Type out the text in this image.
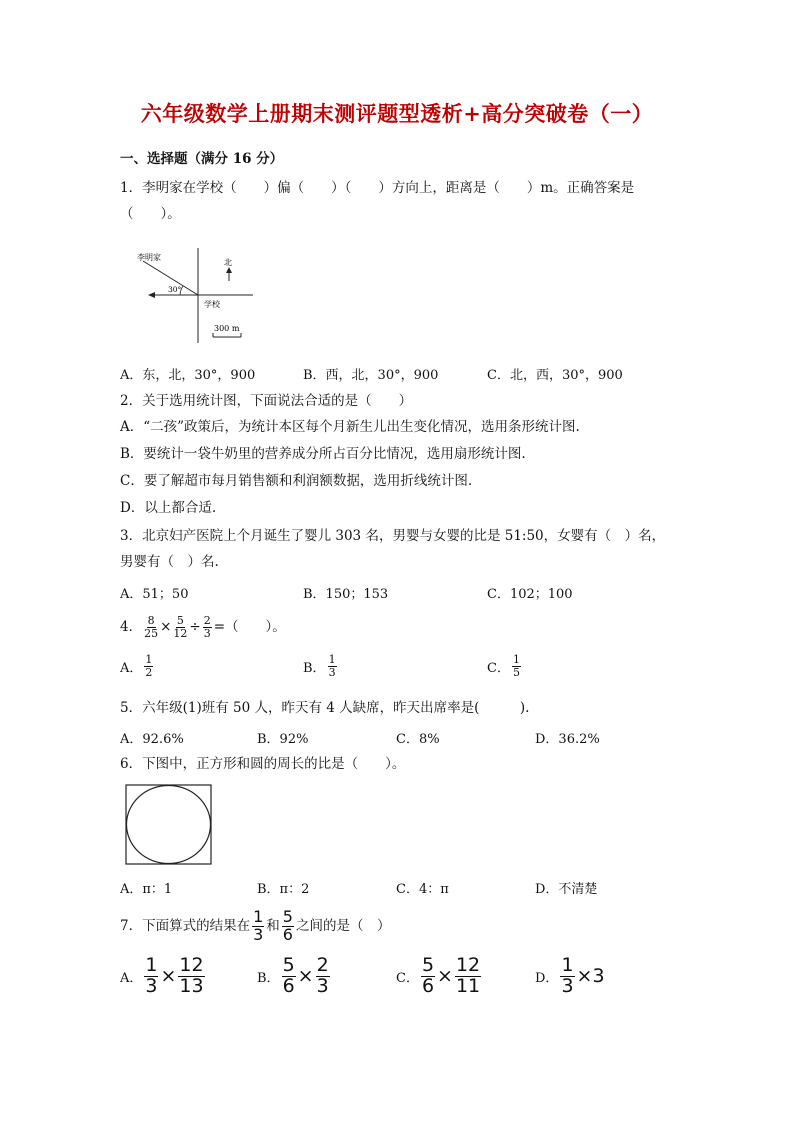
六年级数学上册期末测评题型透析+高分突破卷（一）
一、选择题（满分 16 分）
1．李明家在学校（　　）偏（　　）（　　）方向上，距离是（　　）m。正确答案是
（　　）。
李明家
北
30°
学校
300 m
A．东，北，30°，900	B．西，北，30°，900	C．北，西，30°，900
2．关于选用统计图，下面说法合适的是（　　）
A．“二孩”政策后，为统计本区每个月新生儿出生变化情况，选用条形统计图.
B．要统计一袋牛奶里的营养成分所占百分比情况，选用扇形统计图.
C．要了解超市每月销售额和利润额数据，选用折线统计图.
D．以上都合适.
3．北京妇产医院上个月诞生了婴儿 303 名，男婴与女婴的比是 51:50，女婴有（　）名，
男婴有（　）名.
A．51；50	B．150；153	C．102；100
4． $\frac{8}{25} \times \frac{5}{12} \div \frac{2}{3}$ =（　　）。
A． $\frac{1}{2}$	B． $\frac{1}{3}$	C． $\frac{1}{5}$
5．六年级(1)班有 50 人，昨天有 4 人缺席，昨天出席率是(　　　).
A．92.6%	B．92%	C．8%	D．36.2%
6．下图中，正方形和圆的周长的比是（　　）。
A．π：1	B．π：2	C．4：π	D．不清楚
7．下面算式的结果在 $\frac{1}{3}$ 和 $\frac{5}{6}$ 之间的是（　）
A． $\frac{1}{3} \times \frac{12}{13}$	B． $\frac{5}{6} \times \frac{2}{3}$	C． $\frac{5}{6} \times \frac{12}{11}$	D． $\frac{1}{3} \times 3$
